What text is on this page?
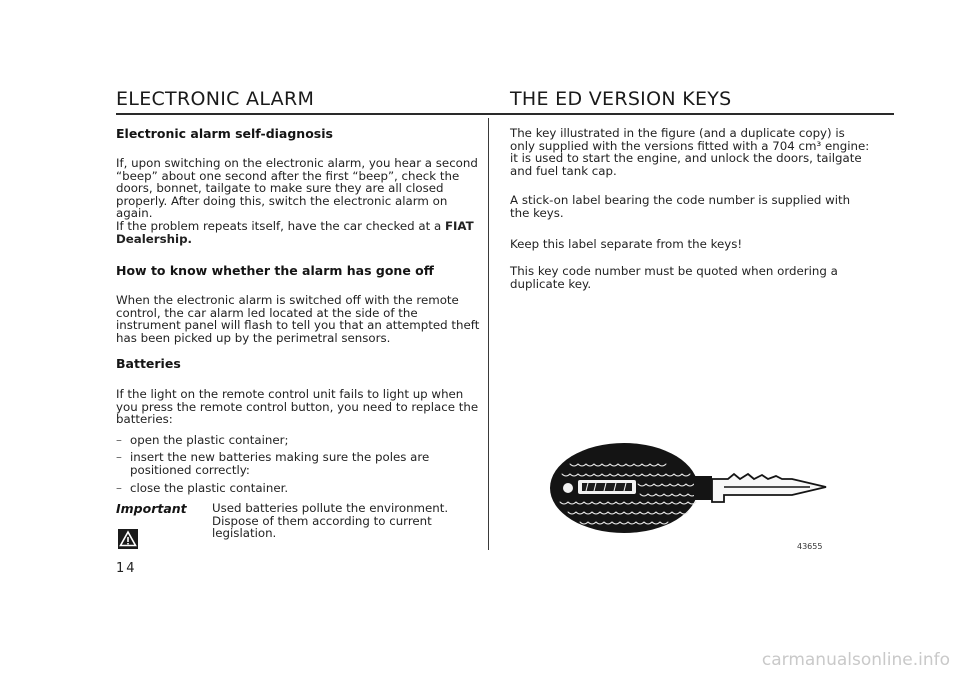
ELECTRONIC ALARM	THE ED VERSION KEYS
Electronic alarm self-diagnosis
If, upon switching on the electronic alarm, you hear a second “beep” about one second after the first “beep”, check the doors, bonnet, tailgate to make sure they are all closed properly. After doing this, switch the electronic alarm on again.
If the problem repeats itself, have the car checked at a FIAT Dealership.
How to know whether the alarm has gone off
When the electronic alarm is switched off with the remote control, the car alarm led located at the side of the instrument panel will flash to tell you that an attempted theft has been picked up by the perimetral sensors.
Batteries
If the light on the remote control unit fails to light up when you press the remote control button, you need to replace the batteries:
– open the plastic container;
– insert the new batteries making sure the poles are positioned correctly:
– close the plastic container.
Important Used batteries pollute the environment. Dispose of them according to current legislation.
14
The key illustrated in the figure (and a duplicate copy) is only supplied with the versions fitted with a 704 cm³ engine: it is used to start the engine, and unlock the doors, tailgate and fuel tank cap.
A stick-on label bearing the code number is supplied with the keys.
Keep this label separate from the keys!
This key code number must be quoted when ordering a duplicate key.
43655
carmanualsonline.info
